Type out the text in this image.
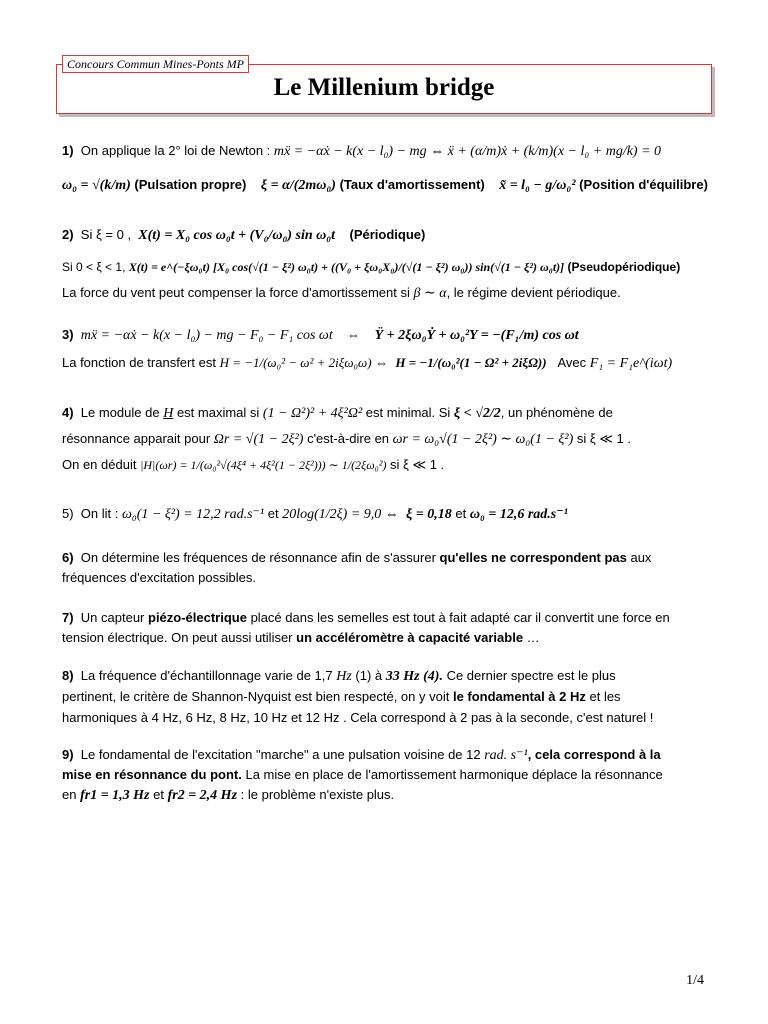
Concours Commun Mines-Ponts MP
Le Millenium bridge
1) On applique la 2° loi de Newton : mẍ = −αẋ − k(x − l₀) − mg ⇔ ẍ + (α/m)ẋ + (k/m)(x − l₀ + mg/k) = 0
ω₀ = √(k/m) (Pulsation propre) ξ = α/(2mω₀) (Taux d'amortissement) x̃ = l₀ − g/ω₀² (Position d'équilibre)
2) Si ξ = 0 , X(t) = X₀ cos ω₀t + (V₀/ω₀) sin ω₀t (Périodique)
Si 0 < ξ < 1, X(t) = e^(−ξω₀t) [X₀ cos(√(1 − ξ²) ω₀t) + ((V₀ + ξω₀X₀)/(√(1 − ξ²) ω₀)) sin(√(1 − ξ²) ω₀t)] (Pseudopériodique)
La force du vent peut compenser la force d'amortissement si β ∼ α, le régime devient périodique.
3) mẍ = −αẋ − k(x − l₀) − mg − F₀ − F₁ cos ωt ⇔ Ÿ + 2ξω₀Ẏ + ω₀²Y = −(F₁/m) cos ωt
La fonction de transfert est H = −1/(ω₀² − ω² + 2iξω₀ω) ⇔  H = −1/(ω₀²(1 − Ω² + 2iξΩ)) Avec F₁ = F₁e^(iωt)
4) Le module de H est maximal si (1 − Ω²)² + 4ξ²Ω² est minimal. Si ξ < √2/2, un phénomène de
résonnance apparait pour Ωr = √(1 − 2ξ²) c'est-à-dire en ωr = ω₀√(1 − 2ξ²) ∼ ω₀(1 − ξ²) si ξ ≪ 1 .
On en déduit |H|(ωr) = 1/(ω₀²√(4ξ⁴ + 4ξ²(1 − 2ξ²))) ∼ 1/(2ξω₀²) si ξ ≪ 1 .
5) On lit : ω₀(1 − ξ²) = 12,2 rad.s⁻¹ et 20log(1/2ξ) = 9,0 ⇔ ξ = 0,18 et ω₀ = 12,6 rad.s⁻¹
6) On détermine les fréquences de résonnance afin de s'assurer qu'elles ne correspondent pas aux
fréquences d'excitation possibles.
7) Un capteur piézo-électrique placé dans les semelles est tout à fait adapté car il convertit une force en
tension électrique. On peut aussi utiliser un accéléromètre à capacité variable …
8) La fréquence d'échantillonnage varie de 1,7 Hz (1) à 33 Hz (4). Ce dernier spectre est le plus
pertinent, le critère de Shannon-Nyquist est bien respecté, on y voit le fondamental à 2 Hz et les
harmoniques à 4 Hz, 6 Hz, 8 Hz, 10 Hz et 12 Hz . Cela correspond à 2 pas à la seconde, c'est naturel !
9) Le fondamental de l'excitation "marche" a une pulsation voisine de 12 rad. s⁻¹, cela correspond à la
mise en résonnance du pont. La mise en place de l'amortissement harmonique déplace la résonnance
en fr1 = 1,3 Hz et fr2 = 2,4 Hz : le problème n'existe plus.
1/4
